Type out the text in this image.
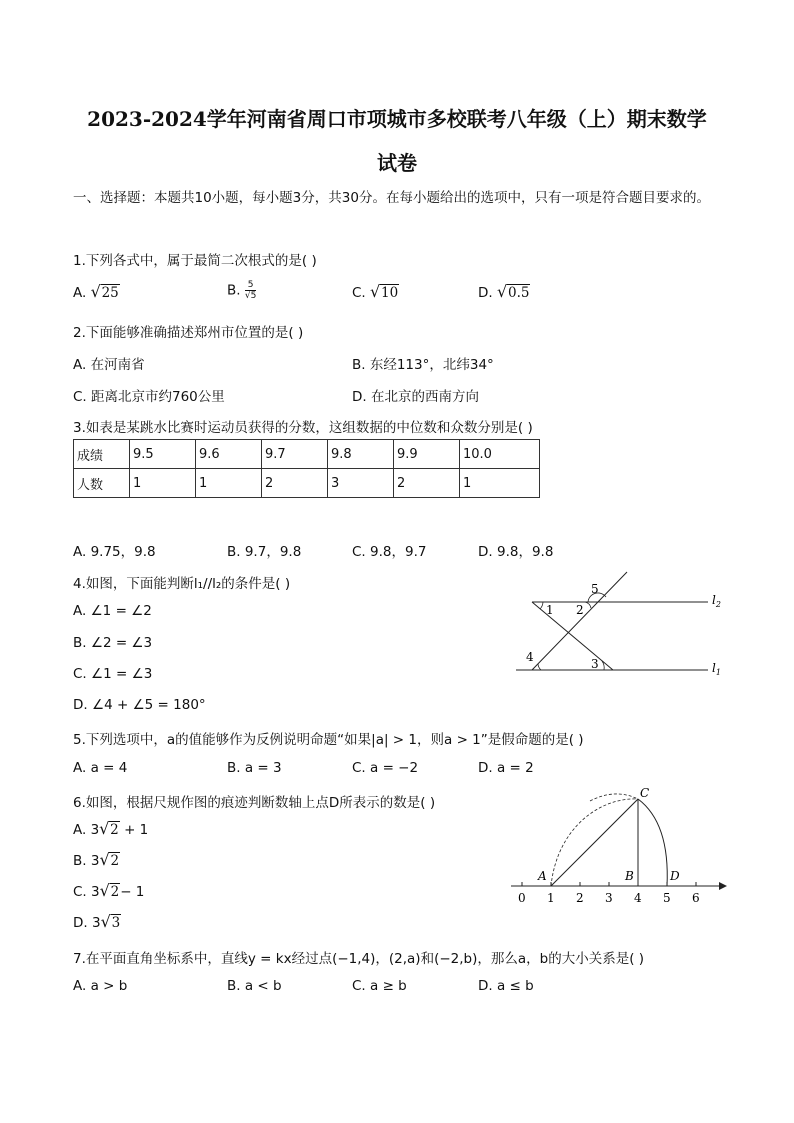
2023-2024学年河南省周口市项城市多校联考八年级（上）期末数学
试卷
一、选择题：本题共10小题，每小题3分，共30分。在每小题给出的选项中，只有一项是符合题目要求的。
1.下列各式中，属于最简二次根式的是( )
A. √ 25	B. $\frac{5}{√5}$	C. √ 10	D. √ 0.5
2.下面能够准确描述郑州市位置的是( )
A. 在河南省	B. 东经113°，北纬34°
C. 距离北京市约760公里	D. 在北京的西南方向
3.如表是某跳水比赛时运动员获得的分数，这组数据的中位数和众数分别是( )
成绩	9.5	9.6	9.7	9.8	9.9	10.0
人数	1	1	2	3	2	1
A. 9.75，9.8	B. 9.7，9.8	C. 9.8，9.7	D. 9.8，9.8
4.如图，下面能判断l₁//l₂的条件是( )
A. ∠1 = ∠2
B. ∠2 = ∠3
C. ∠1 = ∠3
D. ∠4 + ∠5 = 180°
1 2
5
3
4
$l_2$
$l_1$
5.下列选项中，a的值能够作为反例说明命题“如果|a| > 1，则a > 1”是假命题的是( )
A. a = 4	B. a = 3	C. a = −2	D. a = 2
6.如图，根据尺规作图的痕迹判断数轴上点D所表示的数是( )
A. 3 √ 2 + 1
B. 3 √ 2
C. 3 √ 2− 1
D. 3 √ 3
0 1 2 3 4 5 6
C
A	B	D
7.在平面直角坐标系中，直线y = kx经过点(−1,4)，(2,a)和(−2,b)，那么a，b的大小关系是( )
A. a > b	B. a < b	C. a ≥ b	D. a ≤ b
